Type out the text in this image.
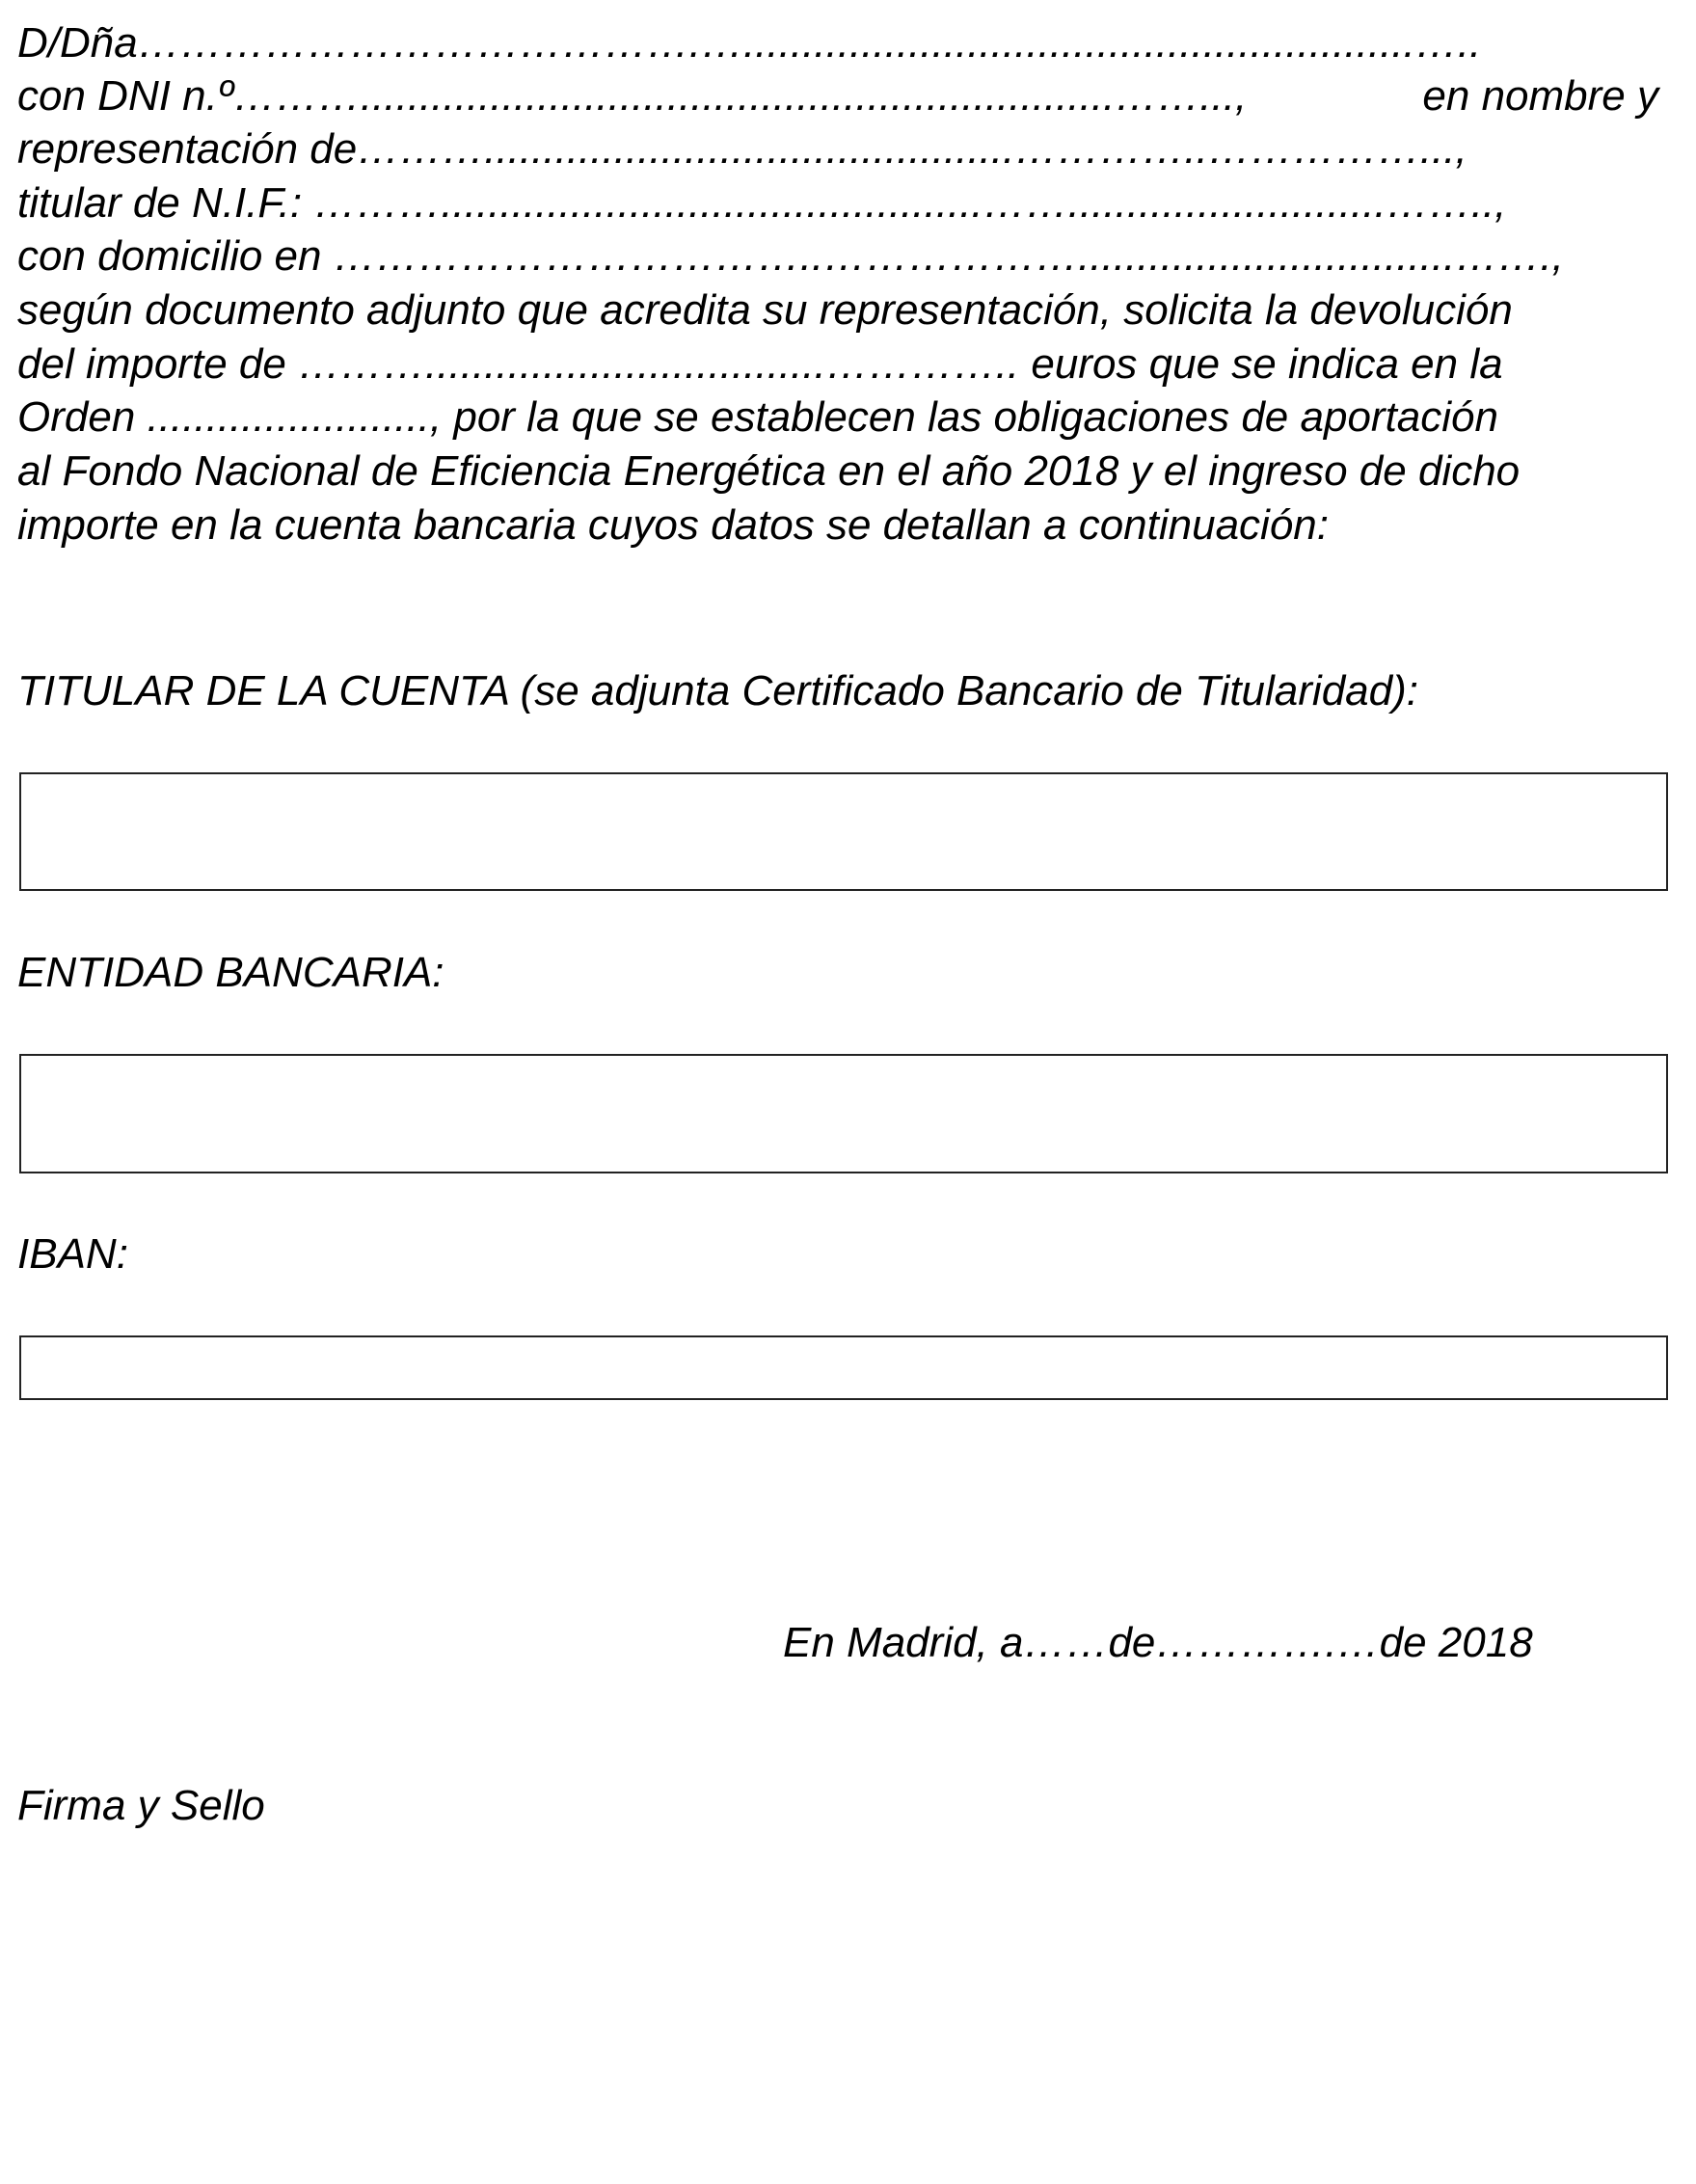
D/Dña………………………………….….........................................................…..
con DNI n.º………................................................................……...,	en nombre y
representación de……….............................................…………..……………...,
titular de N.I.F.: ………..............................................……...........................……..,
con domicilio en ……………………………..………………................................…….,
según documento adjunto que acredita su representación, solicita la devolución
del importe de ………..................................………….. euros que se indica en la
Orden ........................, por la que se establecen las obligaciones de aportación
al Fondo Nacional de Eficiencia Energética en el año 2018 y el ingreso de dicho
importe en la cuenta bancaria cuyos datos se detallan a continuación:
TITULAR DE LA CUENTA (se adjunta Certificado Bancario de Titularidad):
ENTIDAD BANCARIA:
IBAN:
En Madrid, a……de………….…de 2018
Firma y Sello
